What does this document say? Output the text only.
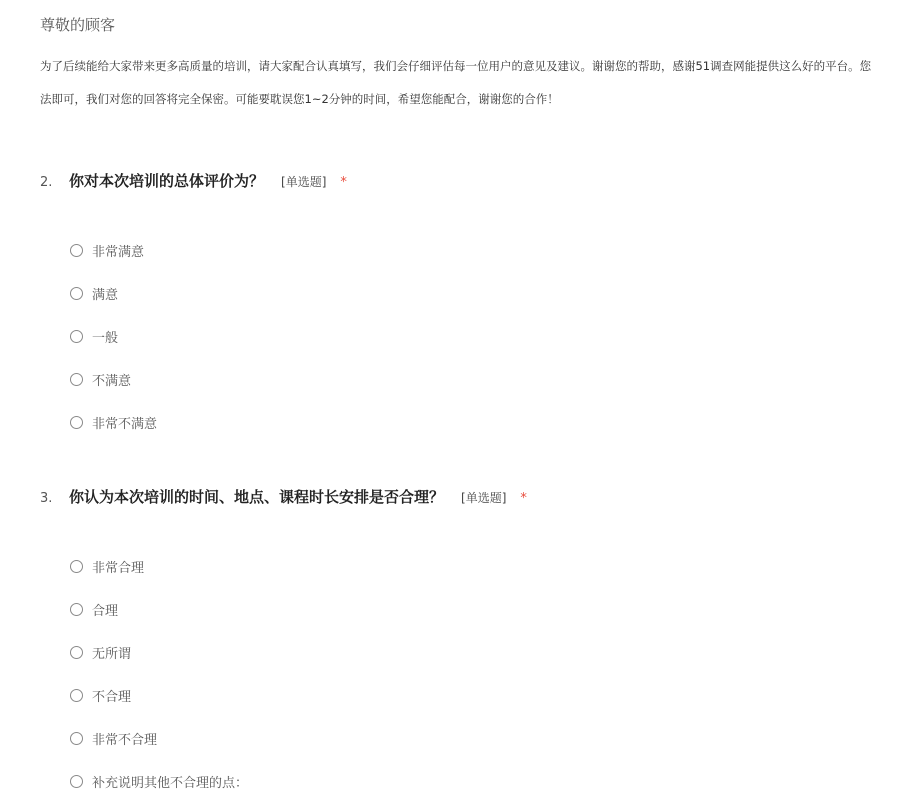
尊敬的顾客
为了后续能给大家带来更多高质量的培训，请大家配合认真填写，我们会仔细评估每一位用户的意见及建议。谢谢您的帮助，感谢51调查网能提供这么好的平台。您
法即可，我们对您的回答将完全保密。可能要耽误您1~2分钟的时间，希望您能配合，谢谢您的合作！
2.	你对本次培训的总体评价为？ [单选题] *
非常满意
满意
一般
不满意
非常不满意
3.	你认为本次培训的时间、地点、课程时长安排是否合理？ [单选题] *
非常合理
合理
无所谓
不合理
非常不合理
补充说明其他不合理的点：
